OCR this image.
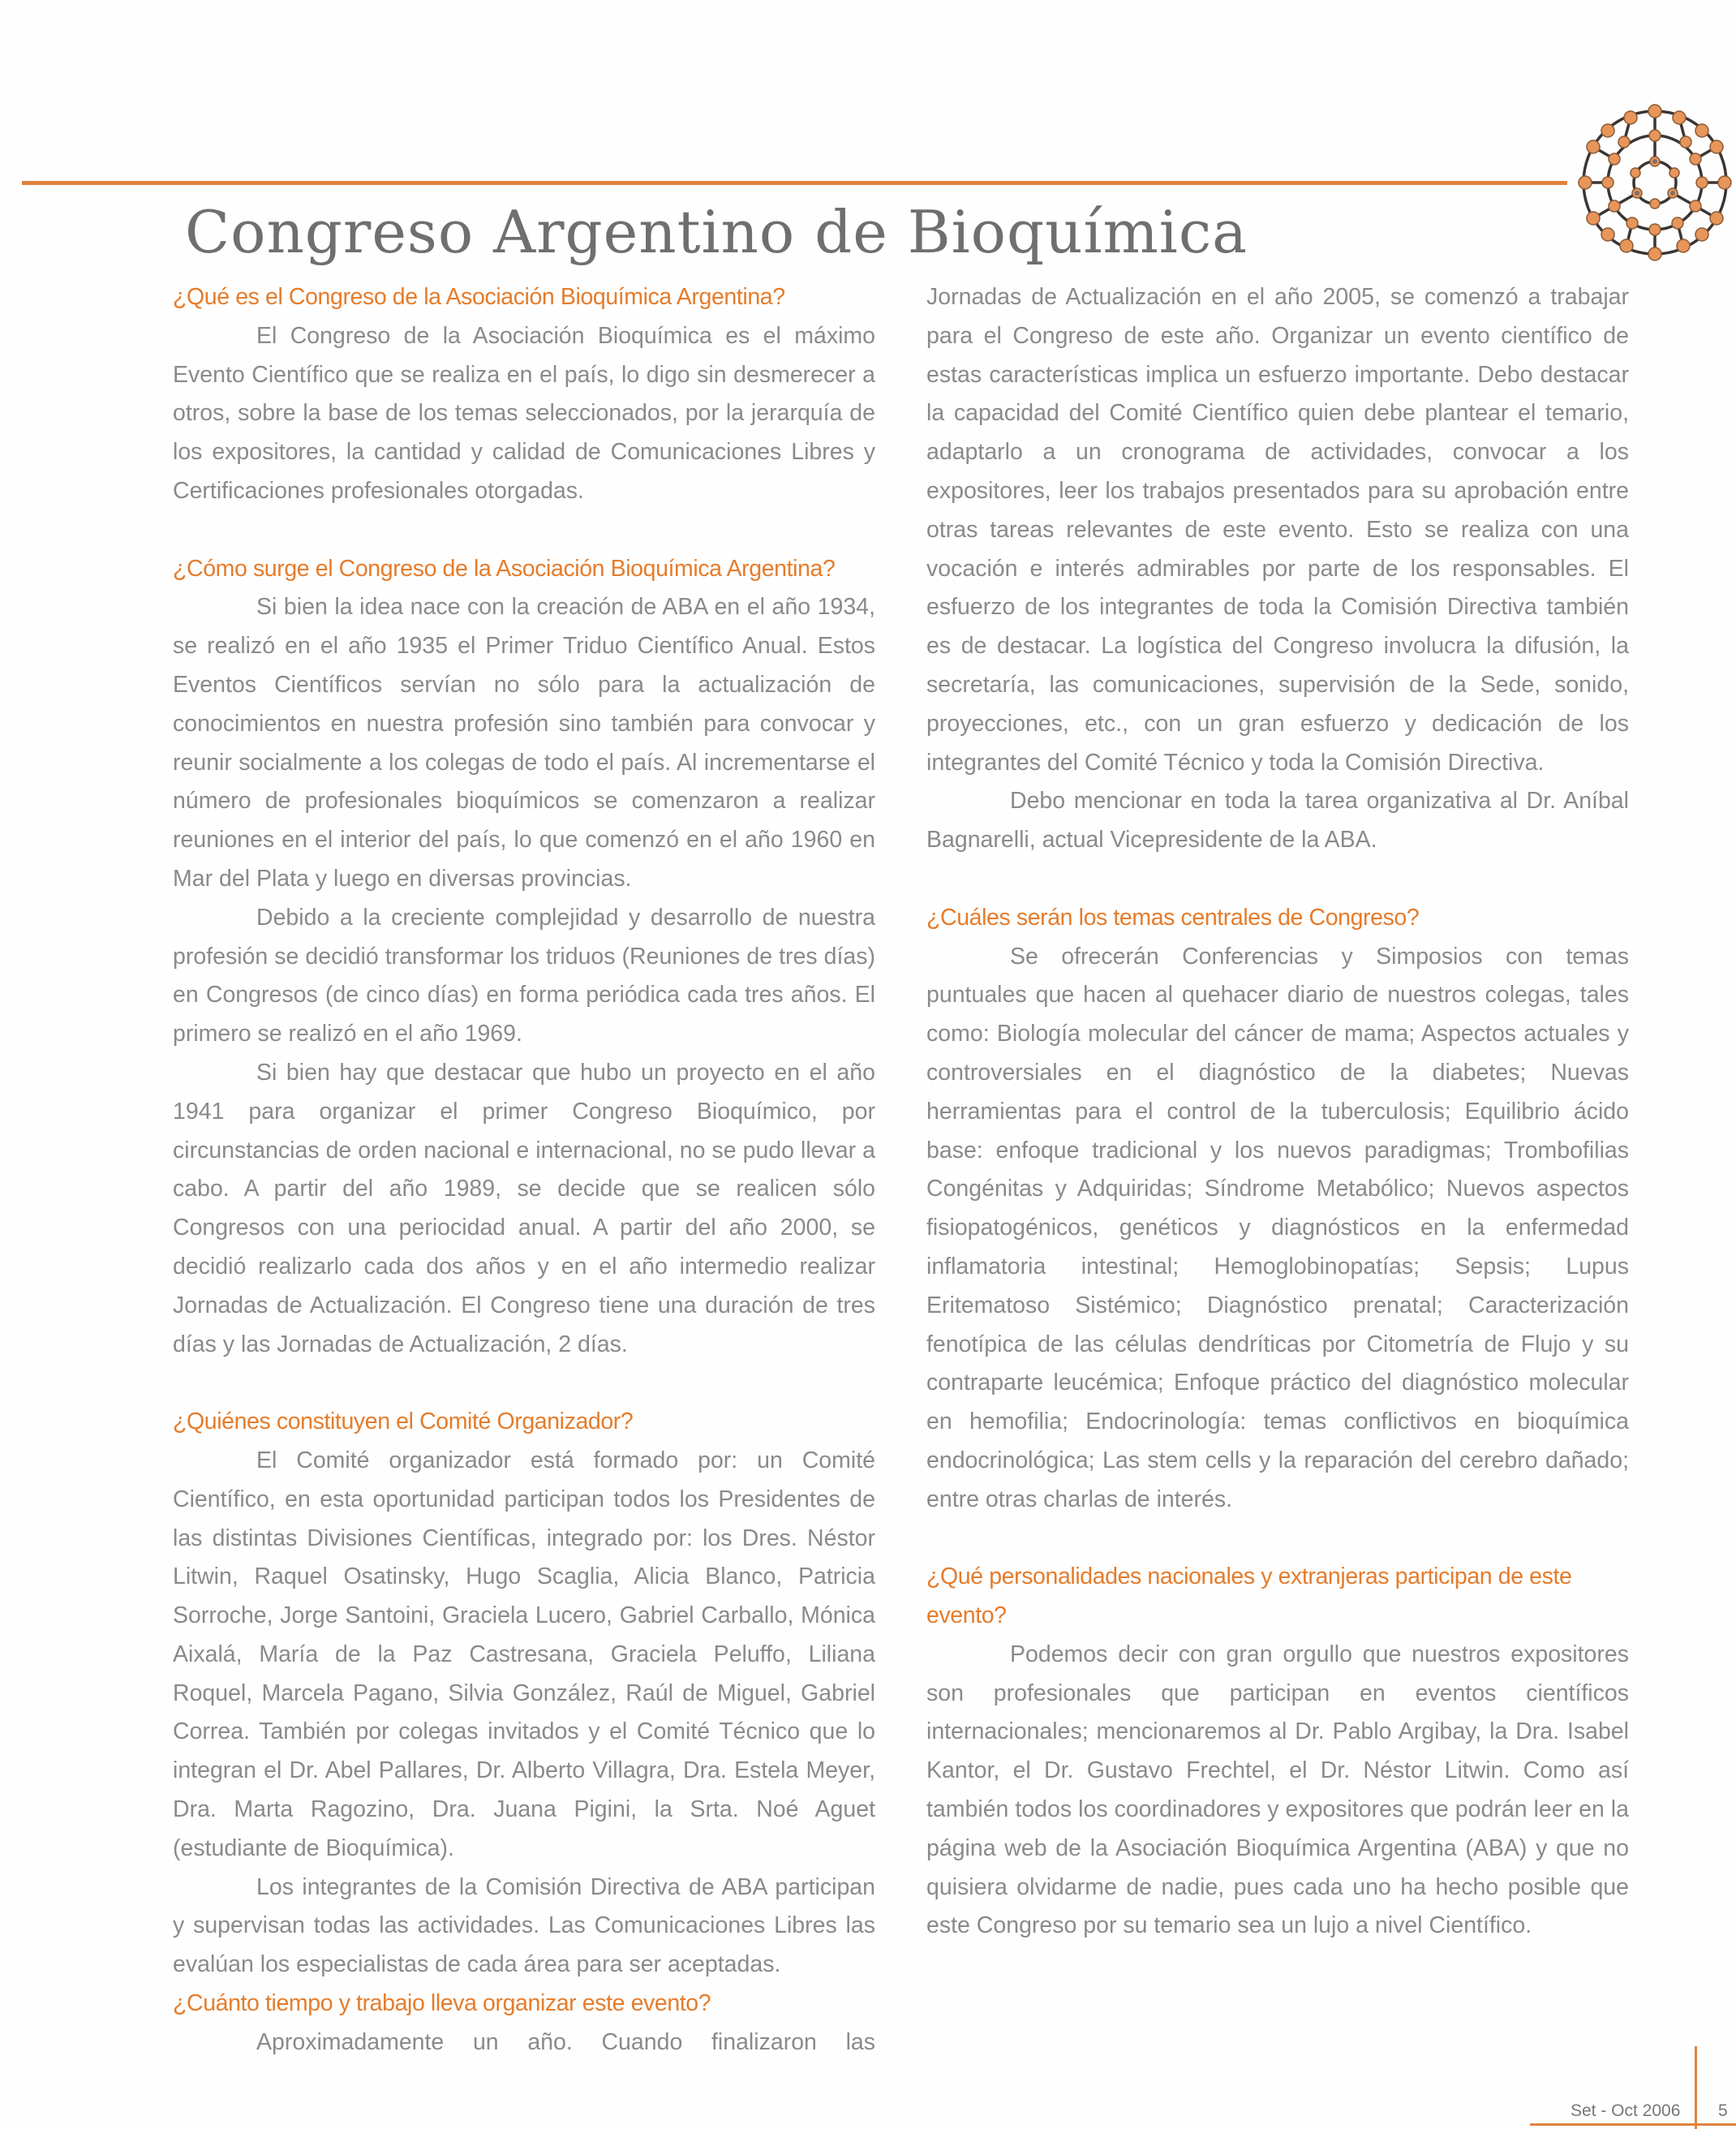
Congreso Argentino de Bioquímica
¿Qué es el Congreso de la Asociación Bioquímica Argentina?

El Congreso de la Asociación Bioquímica es el máximo Evento Científico que se realiza en el país, lo digo sin desmerecer a otros, sobre la base de los temas seleccionados, por la jerarquía de los expositores, la cantidad y calidad de Comunicaciones Libres y Certificaciones profesionales otorgadas.

¿Cómo surge el Congreso de la Asociación Bioquímica Argentina?

Si bien la idea nace con la creación de ABA en el año 1934, se realizó en el año 1935 el Primer Triduo Científico Anual. Estos Eventos Científicos servían no sólo para la actualización de conocimientos en nuestra profesión sino también para convocar y reunir socialmente a los colegas de todo el país. Al incrementarse el número de profesionales bioquímicos se comenzaron a realizar reuniones en el interior del país, lo que comenzó en el año 1960 en Mar del Plata y luego en diversas provincias.

Debido a la creciente complejidad y desarrollo de nuestra profesión se decidió transformar los triduos (Reuniones de tres días) en Congresos (de cinco días) en forma periódica cada tres años. El primero se realizó en el año 1969.

Si bien hay que destacar que hubo un proyecto en el año 1941 para organizar el primer Congreso Bioquímico, por circunstancias de orden nacional e internacional, no se pudo llevar a cabo. A partir del año 1989, se decide que se realicen sólo Congresos con una periocidad anual. A partir del año 2000, se decidió realizarlo cada dos años y en el año intermedio realizar Jornadas de Actualización. El Congreso tiene una duración de tres días y las Jornadas de Actualización, 2 días.

¿Quiénes constituyen el Comité Organizador?

El Comité organizador está formado por: un Comité Científico, en esta oportunidad participan todos los Presidentes de las distintas Divisiones Científicas, integrado por: los Dres. Néstor Litwin, Raquel Osatinsky, Hugo Scaglia, Alicia Blanco, Patricia Sorroche, Jorge Santoini, Graciela Lucero, Gabriel Carballo, Mónica Aixalá, María de la Paz Castresana, Graciela Peluffo, Liliana Roquel, Marcela Pagano, Silvia González, Raúl de Miguel, Gabriel Correa. También por colegas invitados y el Comité Técnico que lo integran el Dr. Abel Pallares, Dr. Alberto Villagra, Dra. Estela Meyer, Dra. Marta Ragozino, Dra. Juana Pigini, la Srta. Noé Aguet (estudiante de Bioquímica).

Los integrantes de la Comisión Directiva de ABA participan y supervisan todas las actividades. Las Comunicaciones Libres las evalúan los especialistas de cada área para ser aceptadas.

¿Cuánto tiempo y trabajo lleva organizar este evento?

Aproximadamente un año. Cuando finalizaron las

Jornadas de Actualización en el año 2005, se comenzó a trabajar para el Congreso de este año. Organizar un evento científico de estas características implica un esfuerzo importante. Debo destacar la capacidad del Comité Científico quien debe plantear el temario, adaptarlo a un cronograma de actividades, convocar a los expositores, leer los trabajos presentados para su aprobación entre otras tareas relevantes de este evento. Esto se realiza con una vocación e interés admirables por parte de los responsables. El esfuerzo de los integrantes de toda la Comisión Directiva también es de destacar. La logística del Congreso involucra la difusión, la secretaría, las comunicaciones, supervisión de la Sede, sonido, proyecciones, etc., con un gran esfuerzo y dedicación de los integrantes del Comité Técnico y toda la Comisión Directiva.

Debo mencionar en toda la tarea organizativa al Dr. Aníbal Bagnarelli, actual Vicepresidente de la ABA.

¿Cuáles serán los temas centrales de Congreso?

Se ofrecerán Conferencias y Simposios con temas puntuales que hacen al quehacer diario de nuestros colegas, tales como: Biología molecular del cáncer de mama; Aspectos actuales y controversiales en el diagnóstico de la diabetes; Nuevas herramientas para el control de la tuberculosis; Equilibrio ácido base: enfoque tradicional y los nuevos paradigmas; Trombofilias Congénitas y Adquiridas; Síndrome Metabólico; Nuevos aspectos fisiopatogénicos, genéticos y diagnósticos en la enfermedad inflamatoria intestinal; Hemoglobinopatías; Sepsis; Lupus Eritematoso Sistémico; Diagnóstico prenatal; Caracterización fenotípica de las células dendríticas por Citometría de Flujo y su contraparte leucémica; Enfoque práctico del diagnóstico molecular en hemofilia; Endocrinología: temas conflictivos en bioquímica endocrinológica; Las stem cells y la reparación del cerebro dañado; entre otras charlas de interés.

¿Qué personalidades nacionales y extranjeras participan de este evento?

Podemos decir con gran orgullo que nuestros expositores son profesionales que participan en eventos científicos internacionales; mencionaremos al Dr. Pablo Argibay, la Dra. Isabel Kantor, el Dr. Gustavo Frechtel, el Dr. Néstor Litwin. Como así también todos los coordinadores y expositores que podrán leer en la página web de la Asociación Bioquímica Argentina (ABA) y que no quisiera olvidarme de nadie, pues cada uno ha hecho posible que este Congreso por su temario sea un lujo a nivel Científico.

Set - Oct 2006 5
